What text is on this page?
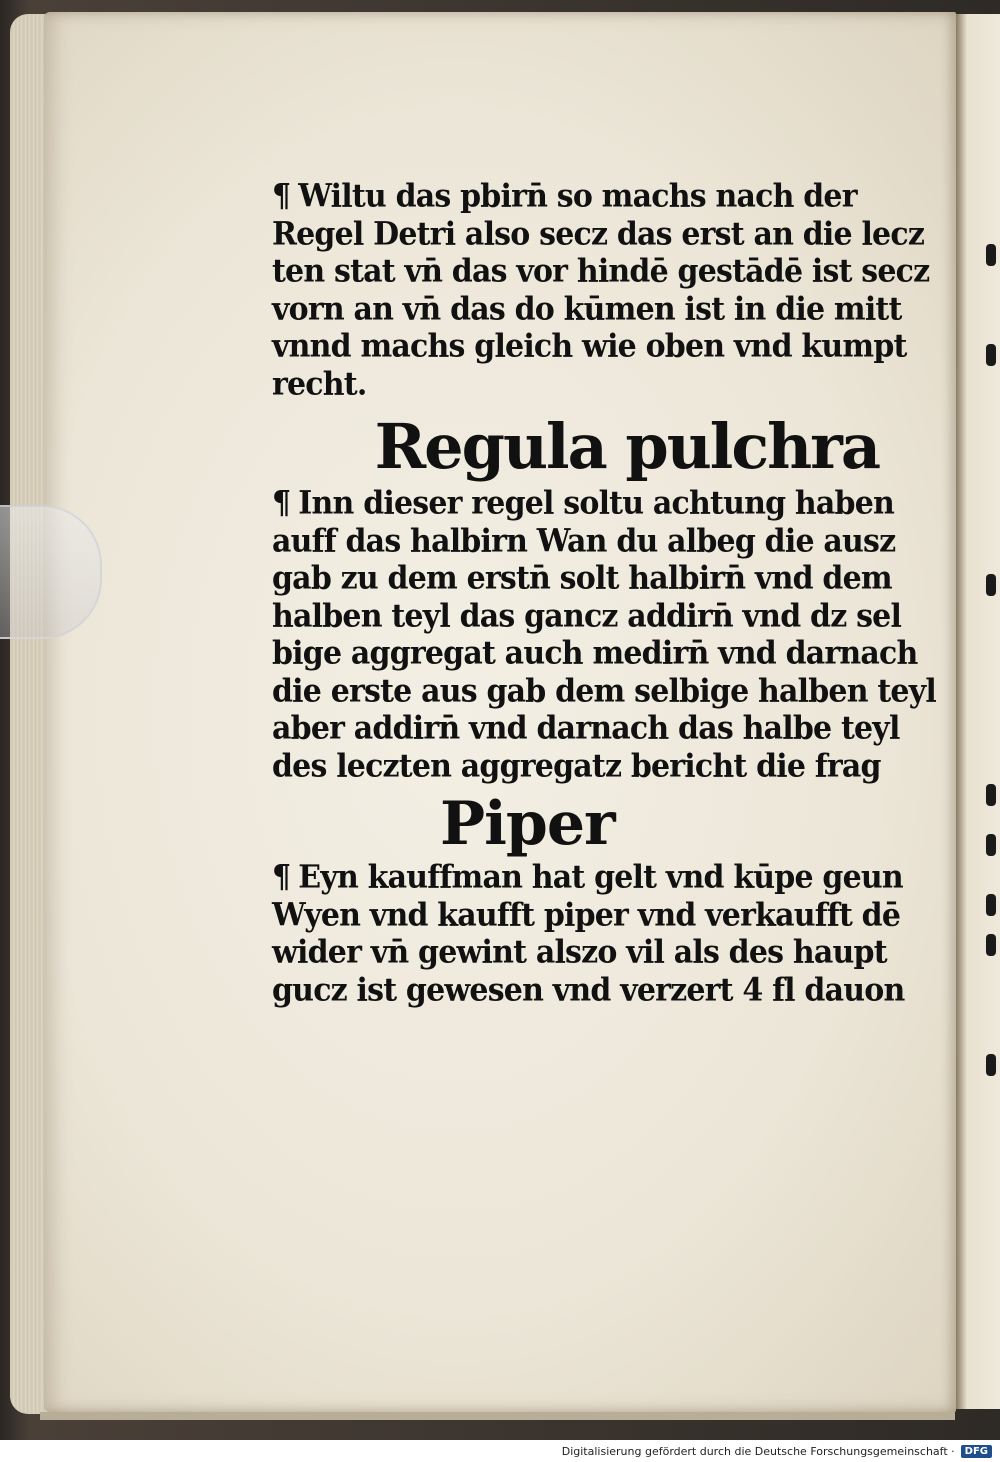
¶ Wiltu das pbirn̄ so machs nach der
Regel Detri also secz das erst an die lecz
ten stat vn̄ das vor hindē gestādē ist secz
vorn an vn̄ das do kūmen ist in die mitt
vnnd machs gleich wie oben vnd kumpt
recht.
Regula pulchra
¶ Inn dieser regel soltu achtung haben
auff das halbirn Wan du albeg die ausz
gab zu dem erstn̄ solt halbirn̄ vnd dem
halben teyl das gancz addirn̄ vnd dz sel
bige aggregat auch medirn̄ vnd darnach
die erste aus gab dem selbige halben teyl
aber addirn̄ vnd darnach das halbe teyl
des leczten aggregatz bericht die frag
Piper
¶ Eyn kauffman hat gelt vnd kūpe geun
Wyen vnd kaufft piper vnd verkaufft dē
wider vn̄ gewint alszo vil als des haupt
gucz ist gewesen vnd verzert 4 fl dauon
Digitalisierung gefördert durch die Deutsche Forschungsgemeinschaft ·	DFG
